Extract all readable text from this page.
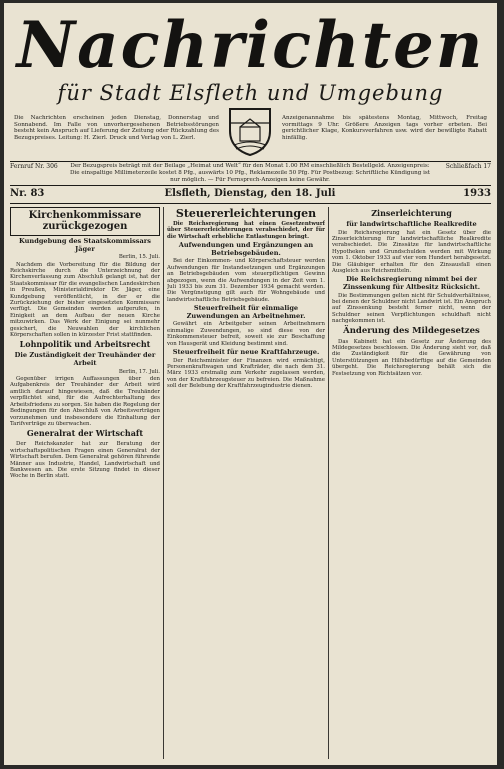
Nachrichten
für Stadt Elsfleth und Umgebung
Die Nachrichten erscheinen jeden Dienstag, Donnerstag und Sonnabend. Im Falle von unvorhergesehenen Betriebsstörungen besteht kein Anspruch auf Lieferung der Zeitung oder Rückzahlung des Bezugspreises. Leitung: H. Zierl. Druck und Verlag von L. Zierl.
Anzeigenannahme bis spätestens Montag, Mittwoch, Freitag vormittags 9 Uhr. Größere Anzeigen tags vorher erbeten. Bei gerichtlicher Klage, Konkursverfahren usw. wird der bewilligte Rabatt hinfällig.
Fernruf Nr. 306	Der Bezugspreis beträgt mit der Beilage „Heimat und Welt“ für den Monat 1.00 RM einschließlich Bestellgeld. Anzeigenpreis: Die einspaltige Millimeterzeile kostet 8 Pfg., auswärts 10 Pfg., Reklamezeile 50 Pfg. Für Postbezug: Schriftliche Kündigung ist nur möglich. — Für Fernsprech-Anzeigen keine Gewähr.
Schließfach 17
Nr. 83	Elsfleth, Dienstag, den 18. Juli	1933
Kirchenkommissare zurückgezogen
Kundgebung des Staatskommissars Jäger
Berlin, 15. Juli.

Nachdem die Vorbereitung für die Bildung der Reichskirche durch die Unterzeichnung der Kirchenverfassung zum Abschluß gelangt ist, hat der Staatskommissar für die evangelischen Landeskirchen in Preußen, Ministerialdirektor Dr. Jäger, eine Kundgebung veröffentlicht, in der er die Zurückziehung der bisher eingesetzten Kommissare verfügt. Die Gemeinden werden aufgerufen, in Einigkeit an dem Aufbau der neuen Kirche mitzuwirken. Das Werk der Einigung sei nunmehr gesichert, die Neuwahlen der kirchlichen Körperschaften sollen in kürzester Frist stattfinden.

Lohnpolitik und Arbeitsrecht
Die Zuständigkeit der Treuhänder der Arbeit
Berlin, 17. Juli.

Gegenüber irrigen Auffassungen über den Aufgabenkreis der Treuhänder der Arbeit wird amtlich darauf hingewiesen, daß die Treuhänder verpflichtet sind, für die Aufrechterhaltung des Arbeitsfriedens zu sorgen. Sie haben die Regelung der Bedingungen für den Abschluß von Arbeitsverträgen vorzunehmen und insbesondere die Einhaltung der Tarifverträge zu überwachen.

Generalrat der Wirtschaft

Der Reichskanzler hat zur Beratung der wirtschaftspolitischen Fragen einen Generalrat der Wirtschaft berufen. Dem Generalrat gehören führende Männer aus Industrie, Handel, Landwirtschaft und Bankwesen an. Die erste Sitzung findet in dieser Woche in Berlin statt.

Steuererleichterungen

Die Reichsregierung hat einen Gesetzentwurf über Steuererleichterungen verabschiedet, der für die Wirtschaft erhebliche Entlastungen bringt.

Aufwendungen und Ergänzungen an Betriebsgebäuden.

Bei der Einkommen- und Körperschaftsteuer werden Aufwendungen für Instandsetzungen und Ergänzungen an Betriebsgebäuden vom steuerpflichtigen Gewinn abgezogen, wenn die Aufwendungen in der Zeit vom 1. Juli 1933 bis zum 31. Dezember 1934 gemacht werden. Die Vergünstigung gilt auch für Wohngebäude und landwirtschaftliche Betriebsgebäude.

Steuerfreiheit für einmalige Zuwendungen an Arbeitnehmer.

Gewährt ein Arbeitgeber seinen Arbeitnehmern einmalige Zuwendungen, so sind diese von der Einkommensteuer befreit, soweit sie zur Beschaffung von Hausgerät und Kleidung bestimmt sind.

Steuerfreiheit für neue Kraftfahrzeuge.

Der Reichsminister der Finanzen wird ermächtigt, Personenkraftwagen und Krafträder, die nach dem 31. März 1933 erstmalig zum Verkehr zugelassen werden, von der Kraftfahrzeugsteuer zu befreien. Die Maßnahme soll der Belebung der Kraftfahrzeugindustrie dienen.

Zinserleichterung
für landwirtschaftliche Realkredite

Die Reichsregierung hat ein Gesetz über die Zinserleichterung für landwirtschaftliche Realkredite verabschiedet. Die Zinssätze für landwirtschaftliche Hypotheken und Grundschulden werden mit Wirkung vom 1. Oktober 1933 auf vier vom Hundert herabgesetzt. Die Gläubiger erhalten für den Zinsausfall einen Ausgleich aus Reichsmitteln.

Die Reichsregierung nimmt bei der Zinssenkung für Altbesitz Rücksicht.

Die Bestimmungen gelten nicht für Schuldverhältnisse, bei denen der Schuldner nicht Landwirt ist. Ein Anspruch auf Zinssenkung besteht ferner nicht, wenn der Schuldner seinen Verpflichtungen schuldhaft nicht nachgekommen ist.

Änderung des Mildegesetzes

Das Kabinett hat ein Gesetz zur Änderung des Mildegesetzes beschlossen. Die Änderung sieht vor, daß die Zuständigkeit für die Gewährung von Unterstützungen an Hilfsbedürftige auf die Gemeinden übergeht. Die Reichsregierung behält sich die Festsetzung von Richtsätzen vor.
